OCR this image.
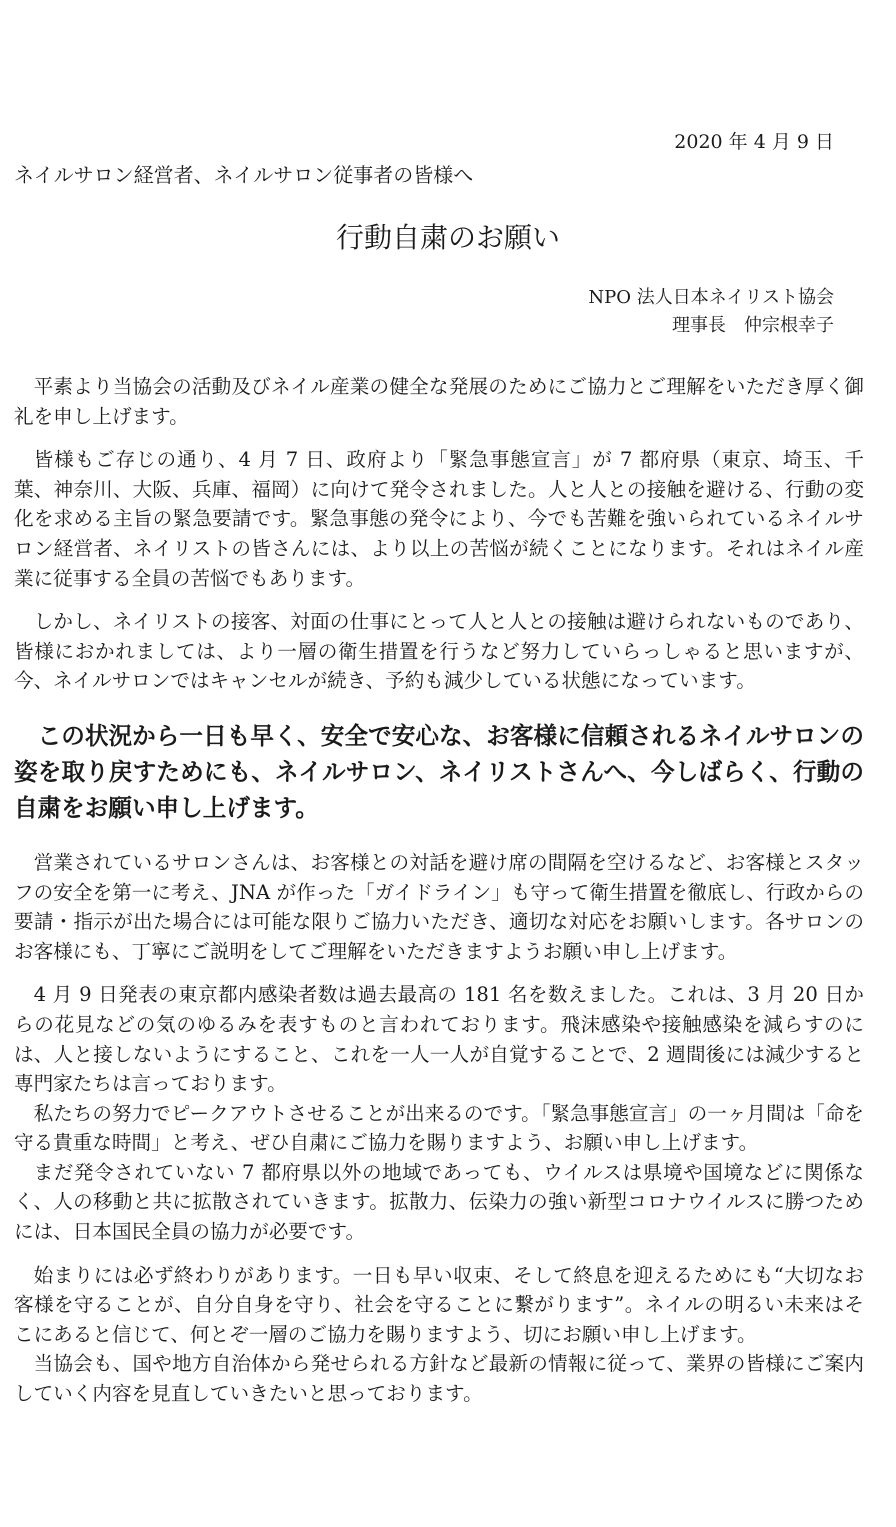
2020 年 4 月 9 日
ネイルサロン経営者、ネイルサロン従事者の皆様へ
行動自粛のお願い
NPO 法人日本ネイリスト協会
理事長　仲宗根幸子

平素より当協会の活動及びネイル産業の健全な発展のためにご協力とご理解をいただき厚く御礼を申し上げます。

皆様もご存じの通り、4 月 7 日、政府より「緊急事態宣言」が 7 都府県（東京、埼玉、千葉、神奈川、大阪、兵庫、福岡）に向けて発令されました。人と人との接触を避ける、行動の変化を求める主旨の緊急要請です。緊急事態の発令により、今でも苦難を強いられているネイルサロン経営者、ネイリストの皆さんには、より以上の苦悩が続くことになります。それはネイル産業に従事する全員の苦悩でもあります。

しかし、ネイリストの接客、対面の仕事にとって人と人との接触は避けられないものであり、皆様におかれましては、より一層の衛生措置を行うなど努力していらっしゃると思いますが、今、ネイルサロンではキャンセルが続き、予約も減少している状態になっています。

この状況から一日も早く、安全で安心な、お客様に信頼されるネイルサロンの姿を取り戻すためにも、ネイルサロン、ネイリストさんへ、今しばらく、行動の自粛をお願い申し上げます。

営業されているサロンさんは、お客様との対話を避け席の間隔を空けるなど、お客様とスタッフの安全を第一に考え、JNA が作った「ガイドライン」も守って衛生措置を徹底し、行政からの要請・指示が出た場合には可能な限りご協力いただき、適切な対応をお願いします。各サロンのお客様にも、丁寧にご説明をしてご理解をいただきますようお願い申し上げます。

4 月 9 日発表の東京都内感染者数は過去最高の 181 名を数えました。これは、3 月 20 日からの花見などの気のゆるみを表すものと言われております。飛沫感染や接触感染を減らすのには、人と接しないようにすること、これを一人一人が自覚することで、2 週間後には減少すると専門家たちは言っております。

私たちの努力でピークアウトさせることが出来るのです。「緊急事態宣言」の一ヶ月間は「命を守る貴重な時間」と考え、ぜひ自粛にご協力を賜りますよう、お願い申し上げます。

まだ発令されていない 7 都府県以外の地域であっても、ウイルスは県境や国境などに関係なく、人の移動と共に拡散されていきます。拡散力、伝染力の強い新型コロナウイルスに勝つためには、日本国民全員の協力が必要です。

始まりには必ず終わりがあります。一日も早い収束、そして終息を迎えるためにも“大切なお客様を守ることが、自分自身を守り、社会を守ることに繋がります”。ネイルの明るい未来はそこにあると信じて、何とぞ一層のご協力を賜りますよう、切にお願い申し上げます。

当協会も、国や地方自治体から発せられる方針など最新の情報に従って、業界の皆様にご案内していく内容を見直していきたいと思っております。
